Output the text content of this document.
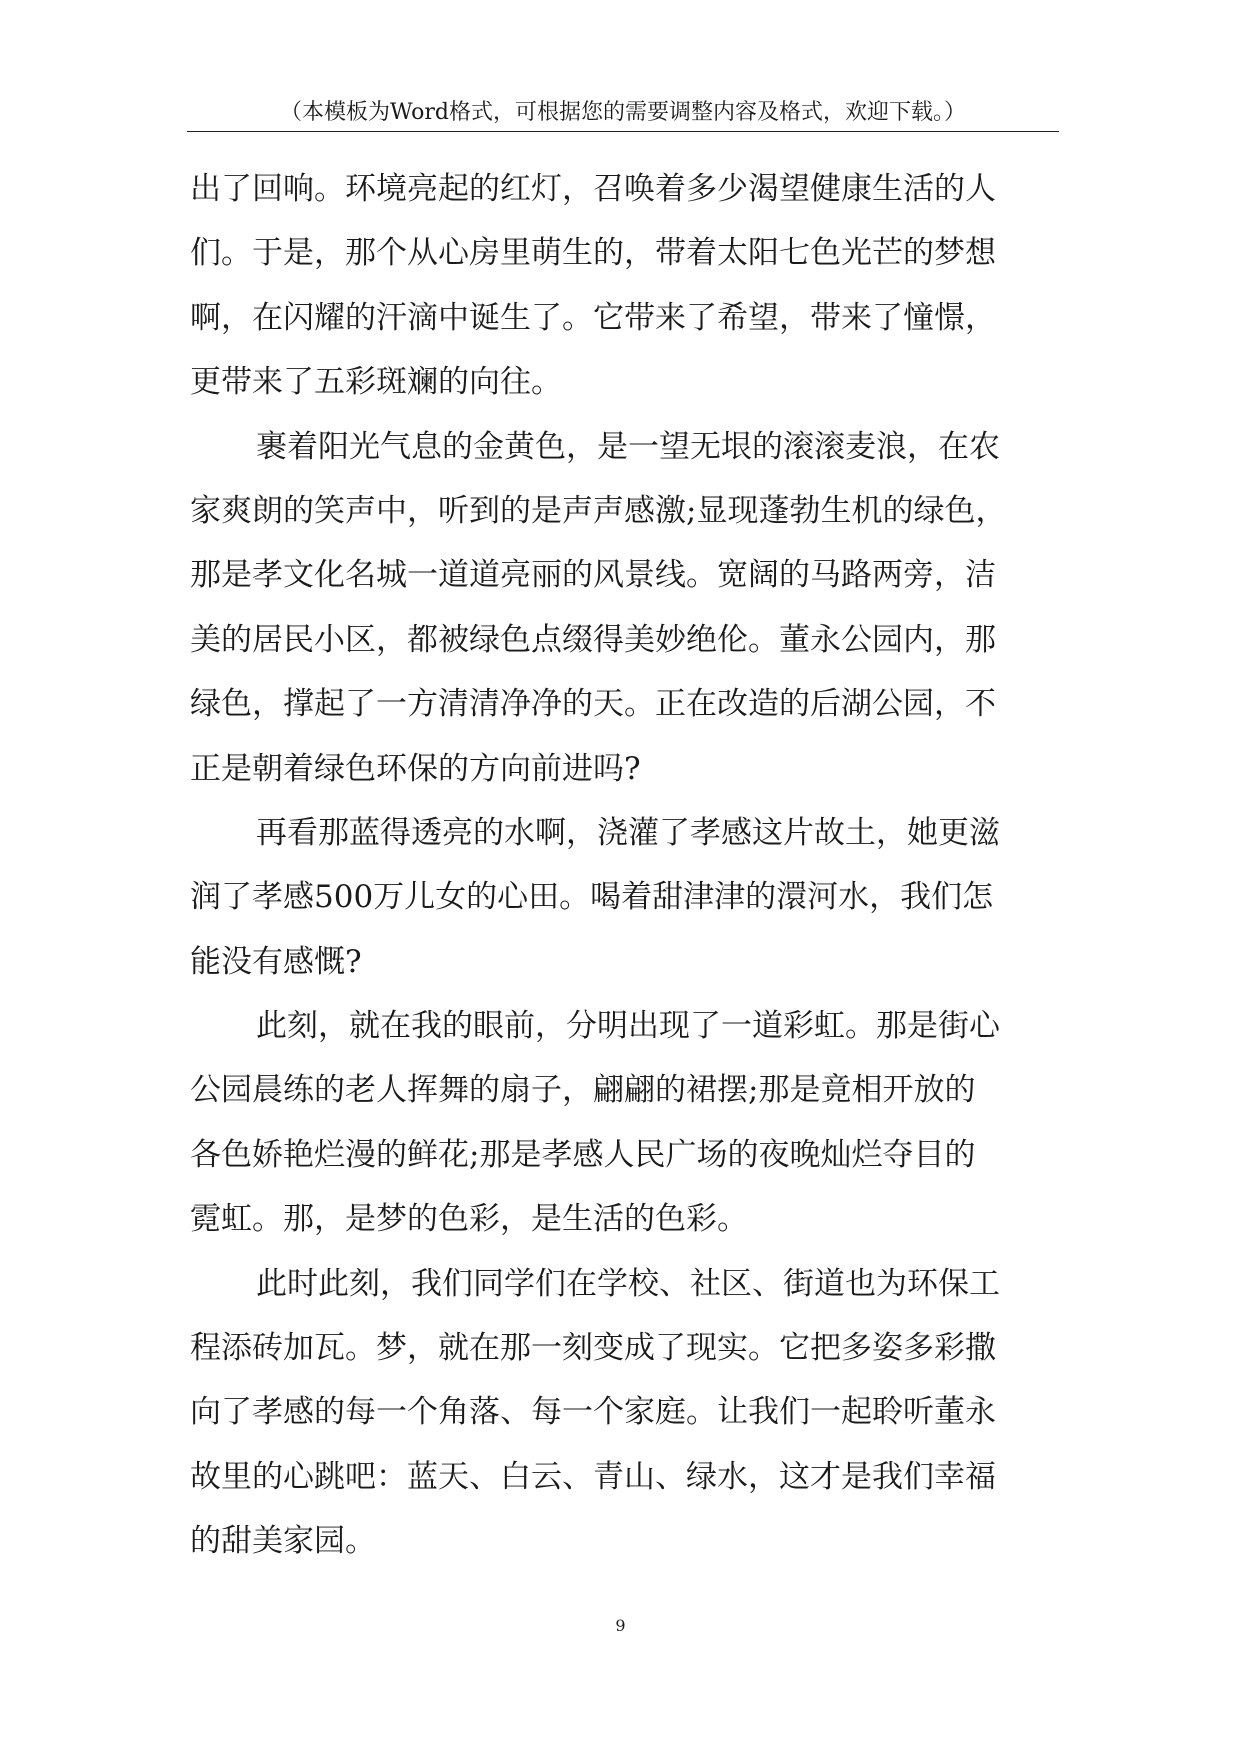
（本模板为Word格式，可根据您的需要调整内容及格式，欢迎下载。）
出了回响。环境亮起的红灯，召唤着多少渴望健康生活的人
们。于是，那个从心房里萌生的，带着太阳七色光芒的梦想
啊，在闪耀的汗滴中诞生了。它带来了希望，带来了憧憬，
更带来了五彩斑斓的向往。
裹着阳光气息的金黄色，是一望无垠的滚滚麦浪，在农
家爽朗的笑声中，听到的是声声感激;显现蓬勃生机的绿色，
那是孝文化名城一道道亮丽的风景线。宽阔的马路两旁，洁
美的居民小区，都被绿色点缀得美妙绝伦。董永公园内，那
绿色，撑起了一方清清净净的天。正在改造的后湖公园，不
正是朝着绿色环保的方向前进吗?
再看那蓝得透亮的水啊，浇灌了孝感这片故土，她更滋
润了孝感500万儿女的心田。喝着甜津津的澴河水，我们怎
能没有感慨?
此刻，就在我的眼前，分明出现了一道彩虹。那是街心
公园晨练的老人挥舞的扇子，翩翩的裙摆;那是竟相开放的
各色娇艳烂漫的鲜花;那是孝感人民广场的夜晚灿烂夺目的
霓虹。那，是梦的色彩，是生活的色彩。
此时此刻，我们同学们在学校、社区、街道也为环保工
程添砖加瓦。梦，就在那一刻变成了现实。它把多姿多彩撒
向了孝感的每一个角落、每一个家庭。让我们一起聆听董永
故里的心跳吧：蓝天、白云、青山、绿水，这才是我们幸福
的甜美家园。
9
